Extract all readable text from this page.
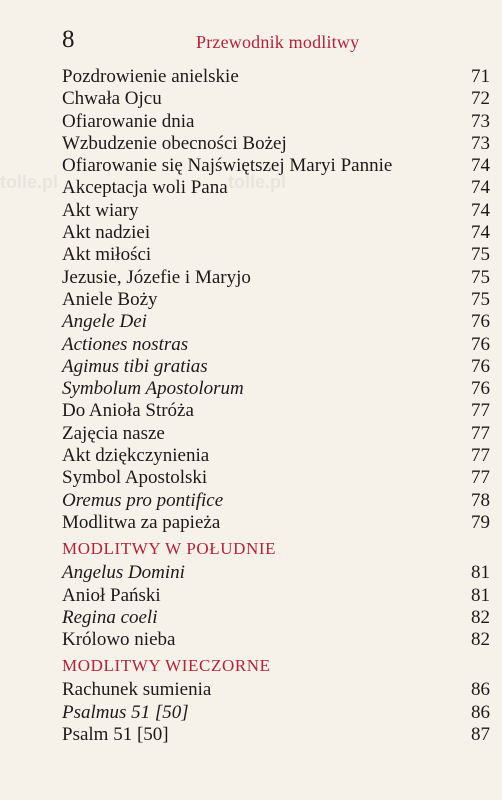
8	Przewodnik modlitwy
tolle.pl	tolle.pl
Pozdrowienie anielskie	71
Chwała Ojcu	72
Ofiarowanie dnia	73
Wzbudzenie obecności Bożej	73
Ofiarowanie się Najświętszej Maryi Pannie	74
Akceptacja woli Pana	74
Akt wiary	74
Akt nadziei	74
Akt miłości	75
Jezusie, Józefie i Maryjo	75
Aniele Boży	75
Angele Dei	76
Actiones nostras	76
Agimus tibi gratias	76
Symbolum Apostolorum	76
Do Anioła Stróża	77
Zajęcia nasze	77
Akt dziękczynienia	77
Symbol Apostolski	77
Oremus pro pontifice	78
Modlitwa za papieża	79
MODLITWY W POŁUDNIE
Angelus Domini	81
Anioł Pański	81
Regina coeli	82
Królowo nieba	82
MODLITWY WIECZORNE
Rachunek sumienia	86
Psalmus 51 [50]	86
Psalm 51 [50]	87
